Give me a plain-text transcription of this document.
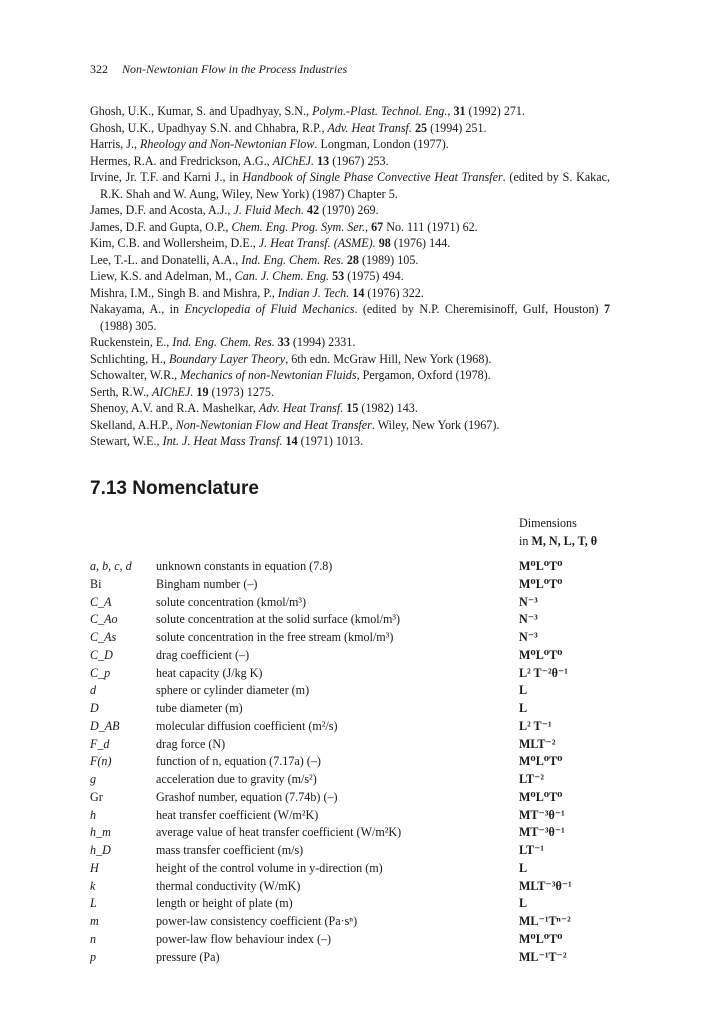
322 Non-Newtonian Flow in the Process Industries
Ghosh, U.K., Kumar, S. and Upadhyay, S.N., Polym.-Plast. Technol. Eng., 31 (1992) 271.
Ghosh, U.K., Upadhyay S.N. and Chhabra, R.P., Adv. Heat Transf. 25 (1994) 251.
Harris, J., Rheology and Non-Newtonian Flow. Longman, London (1977).
Hermes, R.A. and Fredrickson, A.G., AIChEJ. 13 (1967) 253.
Irvine, Jr. T.F. and Karni J., in Handbook of Single Phase Convective Heat Transfer. (edited by S. Kakac, R.K. Shah and W. Aung, Wiley, New York) (1987) Chapter 5.
James, D.F. and Acosta, A.J., J. Fluid Mech. 42 (1970) 269.
James, D.F. and Gupta, O.P., Chem. Eng. Prog. Sym. Ser., 67 No. 111 (1971) 62.
Kim, C.B. and Wollersheim, D.E., J. Heat Transf. (ASME). 98 (1976) 144.
Lee, T.-L. and Donatelli, A.A., Ind. Eng. Chem. Res. 28 (1989) 105.
Liew, K.S. and Adelman, M., Can. J. Chem. Eng. 53 (1975) 494.
Mishra, I.M., Singh B. and Mishra, P., Indian J. Tech. 14 (1976) 322.
Nakayama, A., in Encyclopedia of Fluid Mechanics. (edited by N.P. Cheremisinoff, Gulf, Houston) 7 (1988) 305.
Ruckenstein, E., Ind. Eng. Chem. Res. 33 (1994) 2331.
Schlichting, H., Boundary Layer Theory, 6th edn. McGraw Hill, New York (1968).
Schowalter, W.R., Mechanics of non-Newtonian Fluids, Pergamon, Oxford (1978).
Serth, R.W., AIChEJ. 19 (1973) 1275.
Shenoy, A.V. and R.A. Mashelkar, Adv. Heat Transf. 15 (1982) 143.
Skelland, A.H.P., Non-Newtonian Flow and Heat Transfer. Wiley, New York (1967).
Stewart, W.E., Int. J. Heat Mass Transf. 14 (1971) 1013.
7.13 Nomenclature
Dimensions
in M, N, L, T, θ
a, b, c, d unknown constants in equation (7.8)	M⁰L⁰T⁰
Bi	Bingham number (–)	M⁰L⁰T⁰
C_A	solute concentration (kmol/m³)	N⁻³
C_Ao	solute concentration at the solid surface (kmol/m³)	N⁻³
C_As	solute concentration in the free stream (kmol/m³)	N⁻³
C_D	drag coefficient (–)	M⁰L⁰T⁰
C_p	heat capacity (J/kg K)	L² T⁻²θ⁻¹
d	sphere or cylinder diameter (m)	L
D	tube diameter (m)	L
D_AB	molecular diffusion coefficient (m²/s)	L² T⁻¹
F_d	drag force (N)	MLT⁻²
F(n)	function of n, equation (7.17a) (–)	M⁰L⁰T⁰
g	acceleration due to gravity (m/s²)	LT⁻²
Gr	Grashof number, equation (7.74b) (–)	M⁰L⁰T⁰
h	heat transfer coefficient (W/m²K)	MT⁻³θ⁻¹
h_m	average value of heat transfer coefficient (W/m²K)	MT⁻³θ⁻¹
h_D	mass transfer coefficient (m/s)	LT⁻¹
H	height of the control volume in y-direction (m)	L
k	thermal conductivity (W/mK)	MLT⁻³θ⁻¹
L	length or height of plate (m)	L
m	power-law consistency coefficient (Pa·sⁿ)	ML⁻¹Tⁿ⁻²
n	power-law flow behaviour index (–)	M⁰L⁰T⁰
p	pressure (Pa)	ML⁻¹T⁻²
